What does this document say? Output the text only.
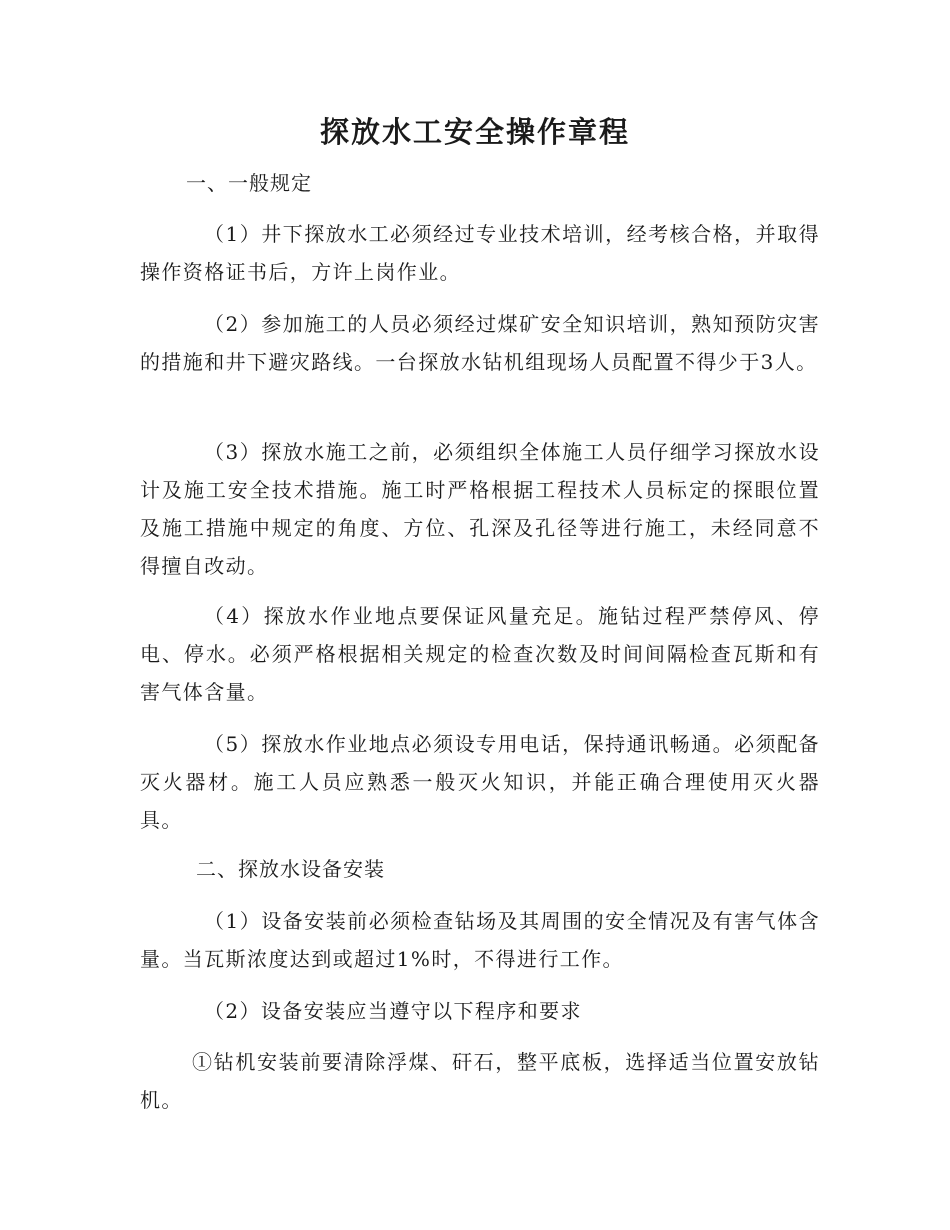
探放水工安全操作章程
一、一般规定
（1）井下探放水工必须经过专业技术培训，经考核合格，并取得操作资格证书后，方许上岗作业。
（2）参加施工的人员必须经过煤矿安全知识培训，熟知预防灾害的措施和井下避灾路线。一台探放水钻机组现场人员配置不得少于3人。
（3）探放水施工之前，必须组织全体施工人员仔细学习探放水设计及施工安全技术措施。施工时严格根据工程技术人员标定的探眼位置及施工措施中规定的角度、方位、孔深及孔径等进行施工，未经同意不得擅自改动。
（4）探放水作业地点要保证风量充足。施钻过程严禁停风、停电、停水。必须严格根据相关规定的检查次数及时间间隔检查瓦斯和有害气体含量。
（5）探放水作业地点必须设专用电话，保持通讯畅通。必须配备灭火器材。施工人员应熟悉一般灭火知识，并能正确合理使用灭火器具。
二、探放水设备安装
（1）设备安装前必须检查钻场及其周围的安全情况及有害气体含量。当瓦斯浓度达到或超过1%时，不得进行工作。
（2）设备安装应当遵守以下程序和要求
①钻机安装前要清除浮煤、矸石，整平底板，选择适当位置安放钻机。
